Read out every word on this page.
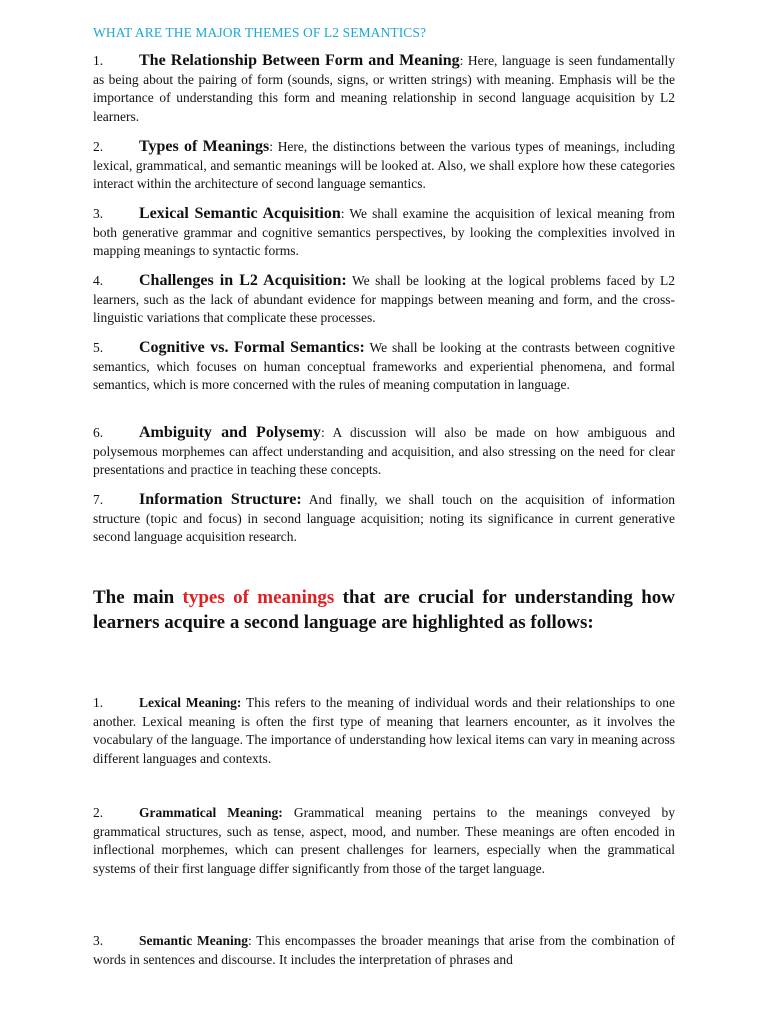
WHAT ARE THE MAJOR THEMES OF L2 SEMANTICS?

1. The Relationship Between Form and Meaning: Here, language is seen fundamentally as being about the pairing of form (sounds, signs, or written strings) with meaning. Emphasis will be the importance of understanding this form and meaning relationship in second language acquisition by L2 learners.

2. Types of Meanings: Here, the distinctions between the various types of meanings, including lexical, grammatical, and semantic meanings will be looked at. Also, we shall explore how these categories interact within the architecture of second language semantics.

3. Lexical Semantic Acquisition: We shall examine the acquisition of lexical meaning from both generative grammar and cognitive semantics perspectives, by looking the complexities involved in mapping meanings to syntactic forms.

4. Challenges in L2 Acquisition: We shall be looking at the logical problems faced by L2 learners, such as the lack of abundant evidence for mappings between meaning and form, and the cross-linguistic variations that complicate these processes.

5. Cognitive vs. Formal Semantics: We shall be looking at the contrasts between cognitive semantics, which focuses on human conceptual frameworks and experiential phenomena, and formal semantics, which is more concerned with the rules of meaning computation in language.

6. Ambiguity and Polysemy: A discussion will also be made on how ambiguous and polysemous morphemes can affect understanding and acquisition, and also stressing on the need for clear presentations and practice in teaching these concepts.

7. Information Structure: And finally, we shall touch on the acquisition of information structure (topic and focus) in second language acquisition; noting its significance in current generative second language acquisition research.

The main types of meanings that are crucial for understanding how learners acquire a second language are highlighted as follows:

1.	Lexical Meaning: This refers to the meaning of individual words and their relationships to one another. Lexical meaning is often the first type of meaning that learners encounter, as it involves the vocabulary of the language. The importance of understanding how lexical items can vary in meaning across different languages and contexts.

2.	Grammatical Meaning: Grammatical meaning pertains to the meanings conveyed by grammatical structures, such as tense, aspect, mood, and number. These meanings are often encoded in inflectional morphemes, which can present challenges for learners, especially when the grammatical systems of their first language differ significantly from those of the target language.

3.	Semantic Meaning: This encompasses the broader meanings that arise from the combination of words in sentences and discourse. It includes the interpretation of phrases and
